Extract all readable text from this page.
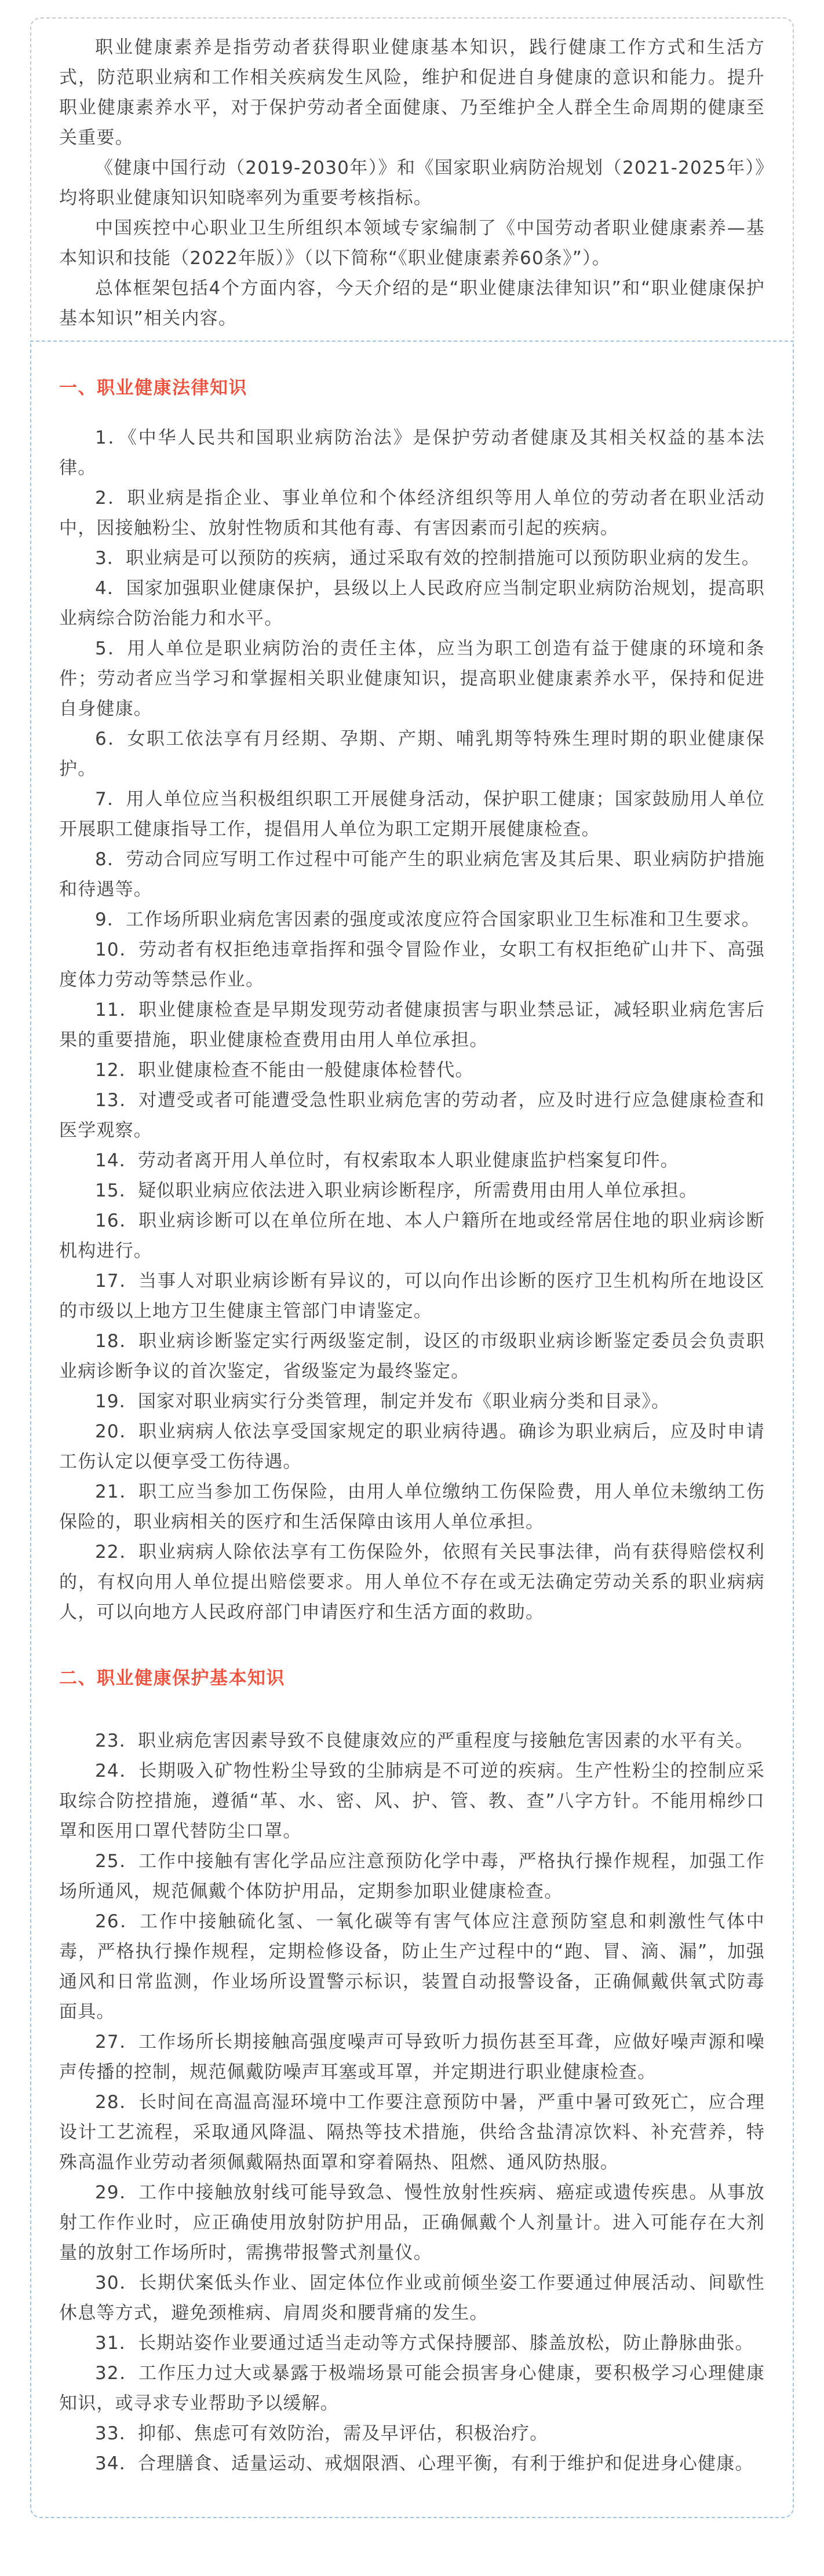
职业健康素养是指劳动者获得职业健康基本知识，践行健康工作方式和生活方式，防范职业病和工作相关疾病发生风险，维护和促进自身健康的意识和能力。提升职业健康素养水平，对于保护劳动者全面健康、乃至维护全人群全生命周期的健康至关重要。

《健康中国行动（2019-2030年）》和《国家职业病防治规划（2021-2025年）》均将职业健康知识知晓率列为重要考核指标。

中国疾控中心职业卫生所组织本领域专家编制了《中国劳动者职业健康素养—基本知识和技能（2022年版）》（以下简称“《职业健康素养60条》”）。

总体框架包括4个方面内容，今天介绍的是“职业健康法律知识”和“职业健康保护基本知识”相关内容。

一、职业健康法律知识

1．《中华人民共和国职业病防治法》是保护劳动者健康及其相关权益的基本法律。

2．职业病是指企业、事业单位和个体经济组织等用人单位的劳动者在职业活动中，因接触粉尘、放射性物质和其他有毒、有害因素而引起的疾病。

3．职业病是可以预防的疾病，通过采取有效的控制措施可以预防职业病的发生。

4．国家加强职业健康保护，县级以上人民政府应当制定职业病防治规划，提高职业病综合防治能力和水平。

5．用人单位是职业病防治的责任主体，应当为职工创造有益于健康的环境和条件；劳动者应当学习和掌握相关职业健康知识，提高职业健康素养水平，保持和促进自身健康。

6．女职工依法享有月经期、孕期、产期、哺乳期等特殊生理时期的职业健康保护。

7．用人单位应当积极组织职工开展健身活动，保护职工健康；国家鼓励用人单位开展职工健康指导工作，提倡用人单位为职工定期开展健康检查。

8．劳动合同应写明工作过程中可能产生的职业病危害及其后果、职业病防护措施和待遇等。

9．工作场所职业病危害因素的强度或浓度应符合国家职业卫生标准和卫生要求。

10．劳动者有权拒绝违章指挥和强令冒险作业，女职工有权拒绝矿山井下、高强度体力劳动等禁忌作业。

11．职业健康检查是早期发现劳动者健康损害与职业禁忌证，减轻职业病危害后果的重要措施，职业健康检查费用由用人单位承担。

12．职业健康检查不能由一般健康体检替代。

13．对遭受或者可能遭受急性职业病危害的劳动者，应及时进行应急健康检查和医学观察。

14．劳动者离开用人单位时，有权索取本人职业健康监护档案复印件。

15．疑似职业病应依法进入职业病诊断程序，所需费用由用人单位承担。

16．职业病诊断可以在单位所在地、本人户籍所在地或经常居住地的职业病诊断机构进行。

17．当事人对职业病诊断有异议的，可以向作出诊断的医疗卫生机构所在地设区的市级以上地方卫生健康主管部门申请鉴定。

18．职业病诊断鉴定实行两级鉴定制，设区的市级职业病诊断鉴定委员会负责职业病诊断争议的首次鉴定，省级鉴定为最终鉴定。

19．国家对职业病实行分类管理，制定并发布《职业病分类和目录》。

20．职业病病人依法享受国家规定的职业病待遇。确诊为职业病后，应及时申请工伤认定以便享受工伤待遇。

21．职工应当参加工伤保险，由用人单位缴纳工伤保险费，用人单位未缴纳工伤保险的，职业病相关的医疗和生活保障由该用人单位承担。

22．职业病病人除依法享有工伤保险外，依照有关民事法律，尚有获得赔偿权利的，有权向用人单位提出赔偿要求。用人单位不存在或无法确定劳动关系的职业病病人，可以向地方人民政府部门申请医疗和生活方面的救助。

二、职业健康保护基本知识

23．职业病危害因素导致不良健康效应的严重程度与接触危害因素的水平有关。

24．长期吸入矿物性粉尘导致的尘肺病是不可逆的疾病。生产性粉尘的控制应采取综合防控措施，遵循“革、水、密、风、护、管、教、查”八字方针。不能用棉纱口罩和医用口罩代替防尘口罩。

25．工作中接触有害化学品应注意预防化学中毒，严格执行操作规程，加强工作场所通风，规范佩戴个体防护用品，定期参加职业健康检查。

26．工作中接触硫化氢、一氧化碳等有害气体应注意预防窒息和刺激性气体中毒，严格执行操作规程，定期检修设备，防止生产过程中的“跑、冒、滴、漏”，加强通风和日常监测，作业场所设置警示标识，装置自动报警设备，正确佩戴供氧式防毒面具。

27．工作场所长期接触高强度噪声可导致听力损伤甚至耳聋，应做好噪声源和噪声传播的控制，规范佩戴防噪声耳塞或耳罩，并定期进行职业健康检查。

28．长时间在高温高湿环境中工作要注意预防中暑，严重中暑可致死亡，应合理设计工艺流程，采取通风降温、隔热等技术措施，供给含盐清凉饮料、补充营养，特殊高温作业劳动者须佩戴隔热面罩和穿着隔热、阻燃、通风防热服。

29．工作中接触放射线可能导致急、慢性放射性疾病、癌症或遗传疾患。从事放射工作作业时，应正确使用放射防护用品，正确佩戴个人剂量计。进入可能存在大剂量的放射工作场所时，需携带报警式剂量仪。

30．长期伏案低头作业、固定体位作业或前倾坐姿工作要通过伸展活动、间歇性休息等方式，避免颈椎病、肩周炎和腰背痛的发生。

31．长期站姿作业要通过适当走动等方式保持腰部、膝盖放松，防止静脉曲张。

32．工作压力过大或暴露于极端场景可能会损害身心健康，要积极学习心理健康知识，或寻求专业帮助予以缓解。

33．抑郁、焦虑可有效防治，需及早评估，积极治疗。

34．合理膳食、适量运动、戒烟限酒、心理平衡，有利于维护和促进身心健康。
